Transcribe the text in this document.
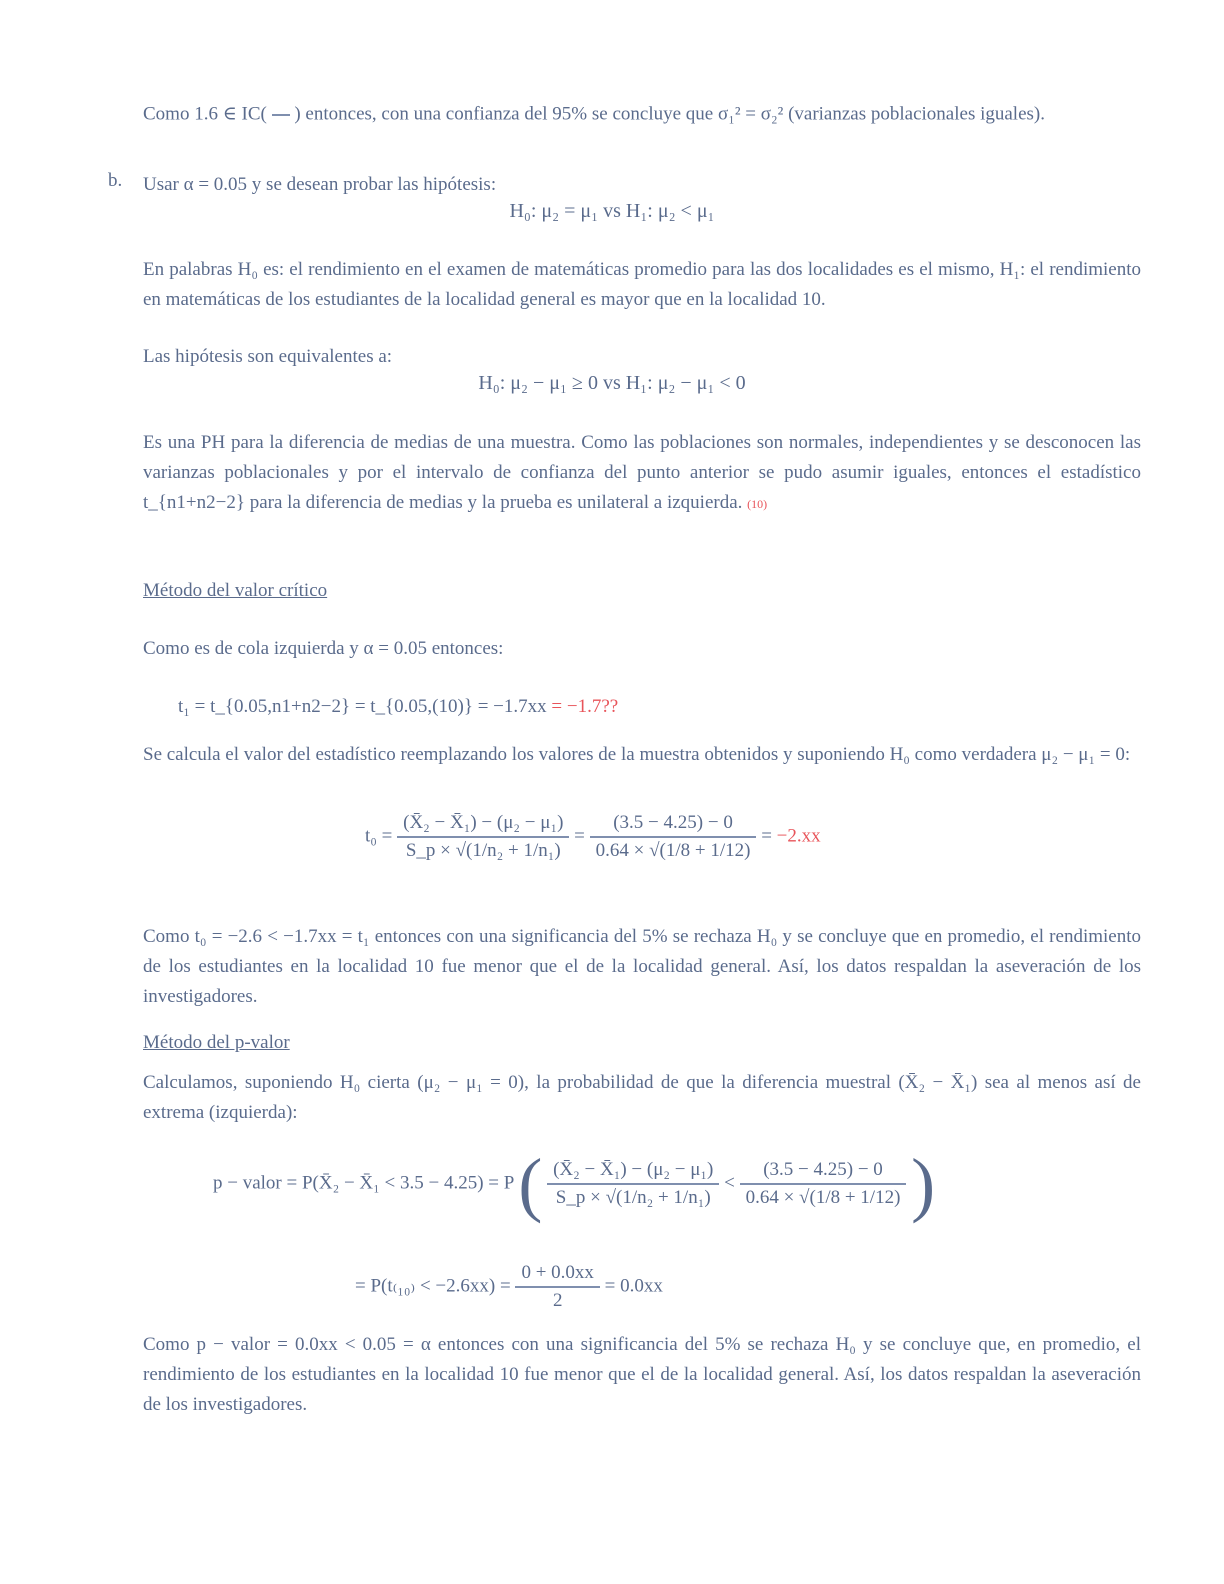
Como 1.6 ∈ IC(

) entonces, con una confianza del 95% se concluye que σ₁² = σ₂² (varianzas poblacionales iguales).
b. Usar α = 0.05 y se desean probar las hipótesis:
H₀: μ₂ = μ₁ vs H₁: μ₂ < μ₁
En palabras H₀ es: el rendimiento en el examen de matemáticas promedio para las dos localidades es el mismo, H₁: el rendimiento en matemáticas de los estudiantes de la localidad general es mayor que en la localidad 10.
Las hipótesis son equivalentes a:
H₀: μ₂ − μ₁ ≥ 0 vs H₁: μ₂ − μ₁ < 0
Es una PH para la diferencia de medias de una muestra. Como las poblaciones son normales, independientes y se desconocen las varianzas poblacionales y por el intervalo de confianza del punto anterior se pudo asumir iguales, entonces el estadístico t_{n1+n2−2} para la diferencia de medias y la prueba es unilateral a izquierda. (10)
Método del valor crítico
Como es de cola izquierda y α = 0.05 entonces:
t₁ = t_{0.05,n1+n2−2} = t_{0.05,(10)} = −1.7xx = −1.7??
Se calcula el valor del estadístico reemplazando los valores de la muestra obtenidos y suponiendo H₀ como verdadera μ₂ − μ₁ = 0:
$t_0 = \frac{\text{(X̄₂ − X̄₁) − (μ₂ − μ₁)}}{\text{S\_p × √(1/n₂ + 1/n₁)}} = \frac{(3.5 - 4.25) - 0}{0.64 \times √(1/8 + 1/12)} = -2.xx$
Como t₀ = −2.6 < −1.7xx = t₁ entonces con una significancia del 5% se rechaza H₀ y se concluye que en promedio, el rendimiento de los estudiantes en la localidad 10 fue menor que el de la localidad general. Así, los datos respaldan la aseveración de los investigadores.
Método del p-valor
Calculamos, suponiendo H₀ cierta (μ₂ − μ₁ = 0), la probabilidad de que la diferencia muestral (X̄₂ − X̄₁) sea al menos así de extrema (izquierda):
p − valor = P(X̄₂ − X̄₁ < 3.5 − 4.25) = P ( $\frac{\text{(X̄₂ − X̄₁) − (μ₂ − μ₁)}}{\text{S\_p × √(1/n₂ + 1/n₁)}} < \frac{(3.5 - 4.25) - 0}{0.64 \times √(1/8 + 1/12)}$ )
= $P(t_{(10)} < -2.6xx) = \frac{0 + 0.0xx}{2} = 0.0xx$
Como p − valor = 0.0xx < 0.05 = α entonces con una significancia del 5% se rechaza H₀ y se concluye que, en promedio, el rendimiento de los estudiantes en la localidad 10 fue menor que el de la localidad general. Así, los datos respaldan la aseveración de los investigadores.
